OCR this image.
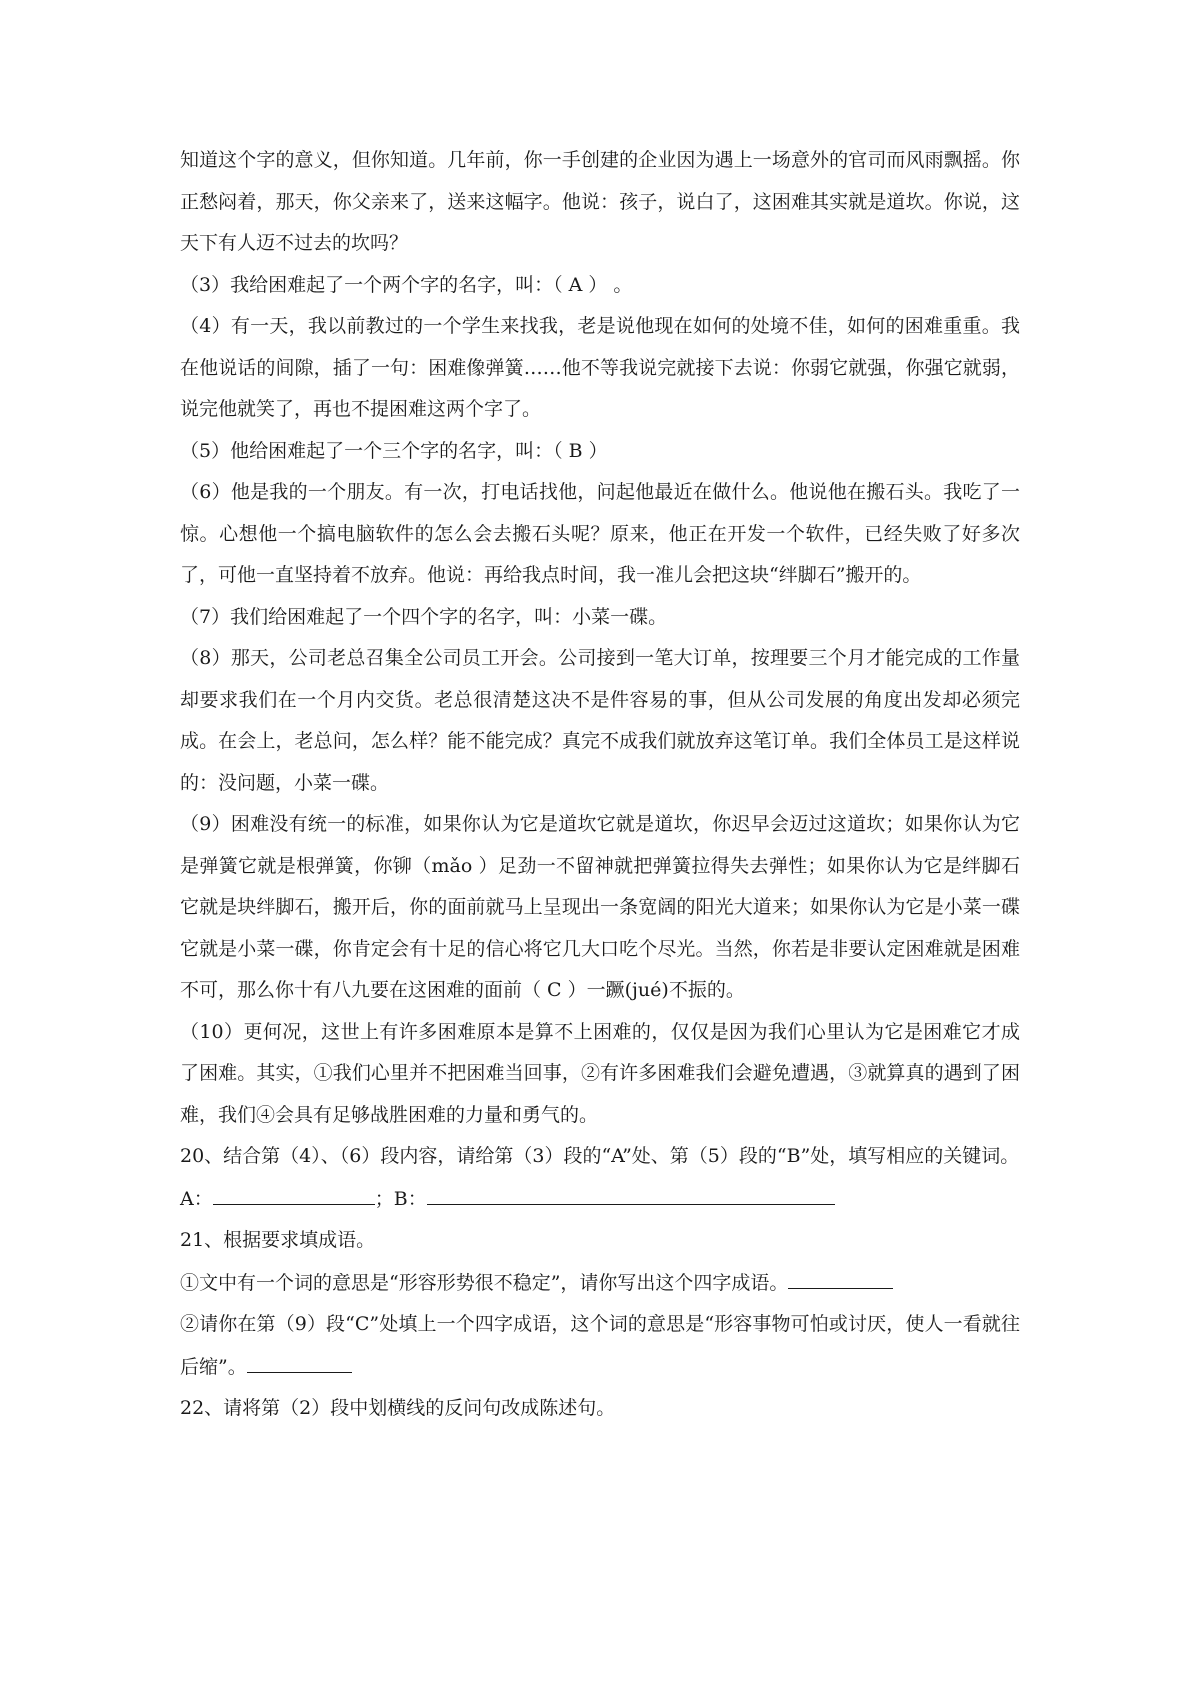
知道这个字的意义，但你知道。几年前，你一手创建的企业因为遇上一场意外的官司而风雨飘摇。你正愁闷着，那天，你父亲来了，送来这幅字。他说：孩子，说白了，这困难其实就是道坎。你说，这天下有人迈不过去的坎吗？

（3）我给困难起了一个两个字的名字，叫：（ A ） 。

（4）有一天，我以前教过的一个学生来找我，老是说他现在如何的处境不佳，如何的困难重重。我在他说话的间隙，插了一句：困难像弹簧……他不等我说完就接下去说：你弱它就强，你强它就弱，说完他就笑了，再也不提困难这两个字了。

（5）他给困难起了一个三个字的名字，叫：（ B ）

（6）他是我的一个朋友。有一次，打电话找他，问起他最近在做什么。他说他在搬石头。我吃了一惊。心想他一个搞电脑软件的怎么会去搬石头呢？原来，他正在开发一个软件，已经失败了好多次了，可他一直坚持着不放弃。他说：再给我点时间，我一准儿会把这块“绊脚石”搬开的。

（7）我们给困难起了一个四个字的名字，叫：小菜一碟。

（8）那天，公司老总召集全公司员工开会。公司接到一笔大订单，按理要三个月才能完成的工作量却要求我们在一个月内交货。老总很清楚这决不是件容易的事，但从公司发展的角度出发却必须完成。在会上，老总问，怎么样？能不能完成？真完不成我们就放弃这笔订单。我们全体员工是这样说的：没问题，小菜一碟。

（9）困难没有统一的标准，如果你认为它是道坎它就是道坎，你迟早会迈过这道坎；如果你认为它是弹簧它就是根弹簧，你铆（mǎo ）足劲一不留神就把弹簧拉得失去弹性；如果你认为它是绊脚石它就是块绊脚石，搬开后，你的面前就马上呈现出一条宽阔的阳光大道来；如果你认为它是小菜一碟它就是小菜一碟，你肯定会有十足的信心将它几大口吃个尽光。当然，你若是非要认定困难就是困难不可，那么你十有八九要在这困难的面前（ C ）一蹶(jué)不振的。

（10）更何况，这世上有许多困难原本是算不上困难的，仅仅是因为我们心里认为它是困难它才成了困难。其实，①我们心里并不把困难当回事，②有许多困难我们会避免遭遇，③就算真的遇到了困难，我们④会具有足够战胜困难的力量和勇气的。

20、结合第（4）、（6）段内容，请给第（3）段的“A”处、第（5）段的“B”处，填写相应的关键词。

A：	；B：

21、根据要求填成语。

①文中有一个词的意思是“形容形势很不稳定”，请你写出这个四字成语。

②请你在第（9）段“C”处填上一个四字成语，这个词的意思是“形容事物可怕或讨厌，使人一看就往后缩”。

22、请将第（2）段中划横线的反问句改成陈述句。
